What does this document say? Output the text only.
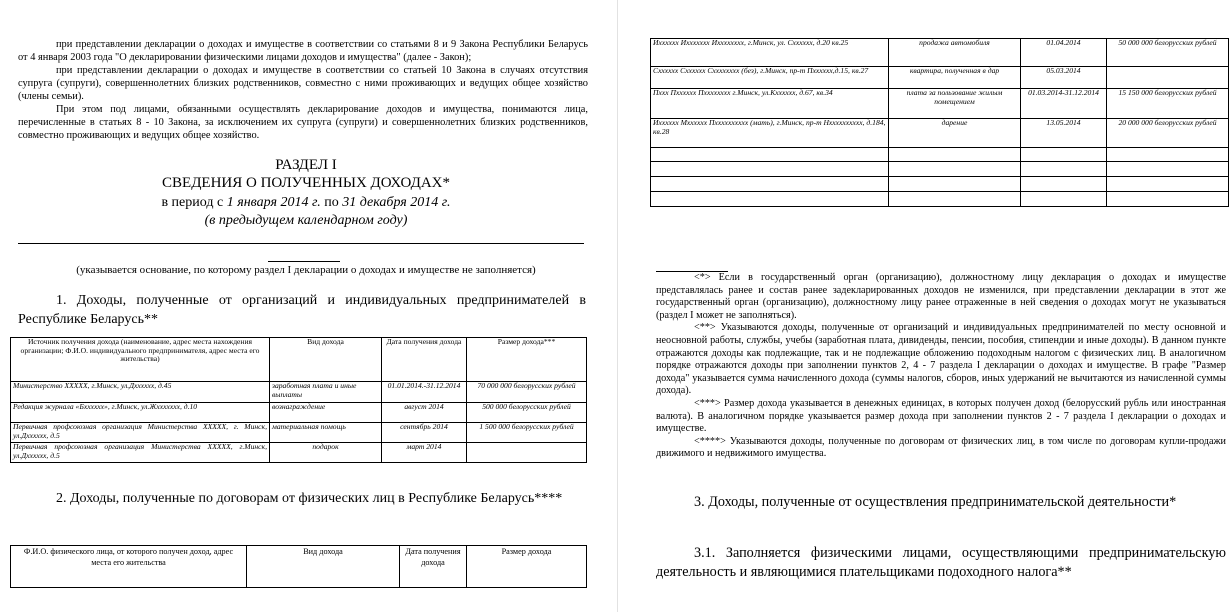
при представлении декларации о доходах и имуществе в соответствии со статьями 8 и 9 Закона Республики Беларусь от 4 января 2003 года "О декларировании физическими лицами доходов и имущества" (далее - Закон);

при представлении декларации о доходах и имуществе в соответствии со статьей 10 Закона в случаях отсутствия супруга (супруги), совершеннолетних близких родственников, совместно с ними проживающих и ведущих общее хозяйство (члены семьи).

При этом под лицами, обязанными осуществлять декларирование доходов и имущества, понимаются лица, перечисленные в статьях 8 - 10 Закона, за исключением их супруга (супруги) и совершеннолетних близких родственников, совместно проживающих и ведущих общее хозяйство.

РАЗДЕЛ I
СВЕДЕНИЯ О ПОЛУЧЕННЫХ ДОХОДАХ*
в период с 1 января 2014 г. по 31 декабря 2014 г.
(в предыдущем календарном году)
(указывается основание, по которому раздел I декларации о доходах и имуществе не заполняется)
1. Доходы, полученные от организаций и индивидуальных предпринимателей в Республике Беларусь**
Источник получения дохода (наименование, адрес места нахождения организации; Ф.И.О. индивидуального предпринимателя, адрес места его жительства)	Вид дохода	Дата получения дохода	Размер дохода***
Министерство ХХХХХ, г.Минск, ул.Дхххххх, д.45	заработная плата и иные выплаты	01.01.2014.-31.12.2014	70 000 000 белорусских рублей
Редакция журнала «Бхххххх», г.Минск, ул.Жххххххх, д.10	вознаграждение	август 2014	500 000 белорусских рублей
Первичная профсоюзная организация Министерства ХХХХХ, г. Минск, ул.Дхххххх, д.5	материальная помощь	сентябрь 2014	1 500 000 белорусских рублей
Первичная профсоюзная организация Министерства ХХХХХ, г.Минск, ул.Дхххххх, д.5	подарок	март 2014	
2. Доходы, полученные по договорам от физических лиц в Республике Беларусь****
Ф.И.О. физического лица, от которого получен доход, адрес места его жительства	Вид дохода	Дата получения дохода	Размер дохода
Ихххххх Иххххххх Ихххххххх, г.Минск, ул. Схххххх, д.20 кв.25	продажа автомобиля	01.04.2014	50 000 000 белорусских рублей
Схххххх Схххххх Схххххххх (без), г.Минск, пр-т Пхххххх,д.15, кв.27	квартира, полученная в дар	05.03.2014	
Пххх Пхххххх Пхххххххх г.Минск, ул.Кхххххх, д.67, кв.34	плата за пользование жилым помещением	01.03.2014-31.12.2014	15 150 000 белорусских рублей
Ихххххх Мхххххх Пхххххххххх (мать), г.Минск, пр-т Нхххххххххх, д.184, кв.28	дарение	13.05.2014	20 000 000 белорусских рублей

<*> Если в государственный орган (организацию), должностному лицу декларация о доходах и имуществе представлялась ранее и состав ранее задекларированных доходов не изменился, при представлении декларации в этот же государственный орган (организацию), должностному лицу ранее отраженные в ней сведения о доходах могут не указываться (раздел I может не заполняться).

<**> Указываются доходы, полученные от организаций и индивидуальных предпринимателей по месту основной и неосновной работы, службы, учебы (заработная плата, дивиденды, пенсии, пособия, стипендии и иные доходы). В данном пункте отражаются доходы как подлежащие, так и не подлежащие обложению подоходным налогом с физических лиц. В аналогичном порядке отражаются доходы при заполнении пунктов 2, 4 - 7 раздела I декларации о доходах и имуществе. В графе "Размер дохода" указывается сумма начисленного дохода (суммы налогов, сборов, иных удержаний не вычитаются из начисленной суммы дохода).

<***> Размер дохода указывается в денежных единицах, в которых получен доход (белорусский рубль или иностранная валюта). В аналогичном порядке указывается размер дохода при заполнении пунктов 2 - 7 раздела I декларации о доходах и имуществе.

<****> Указываются доходы, полученные по договорам от физических лиц, в том числе по договорам купли-продажи движимого и недвижимого имущества.

3. Доходы, полученные от осуществления предпринимательской деятельности*
3.1. Заполняется физическими лицами, осуществляющими предпринимательскую деятельность и являющимися плательщиками подоходного налога**
